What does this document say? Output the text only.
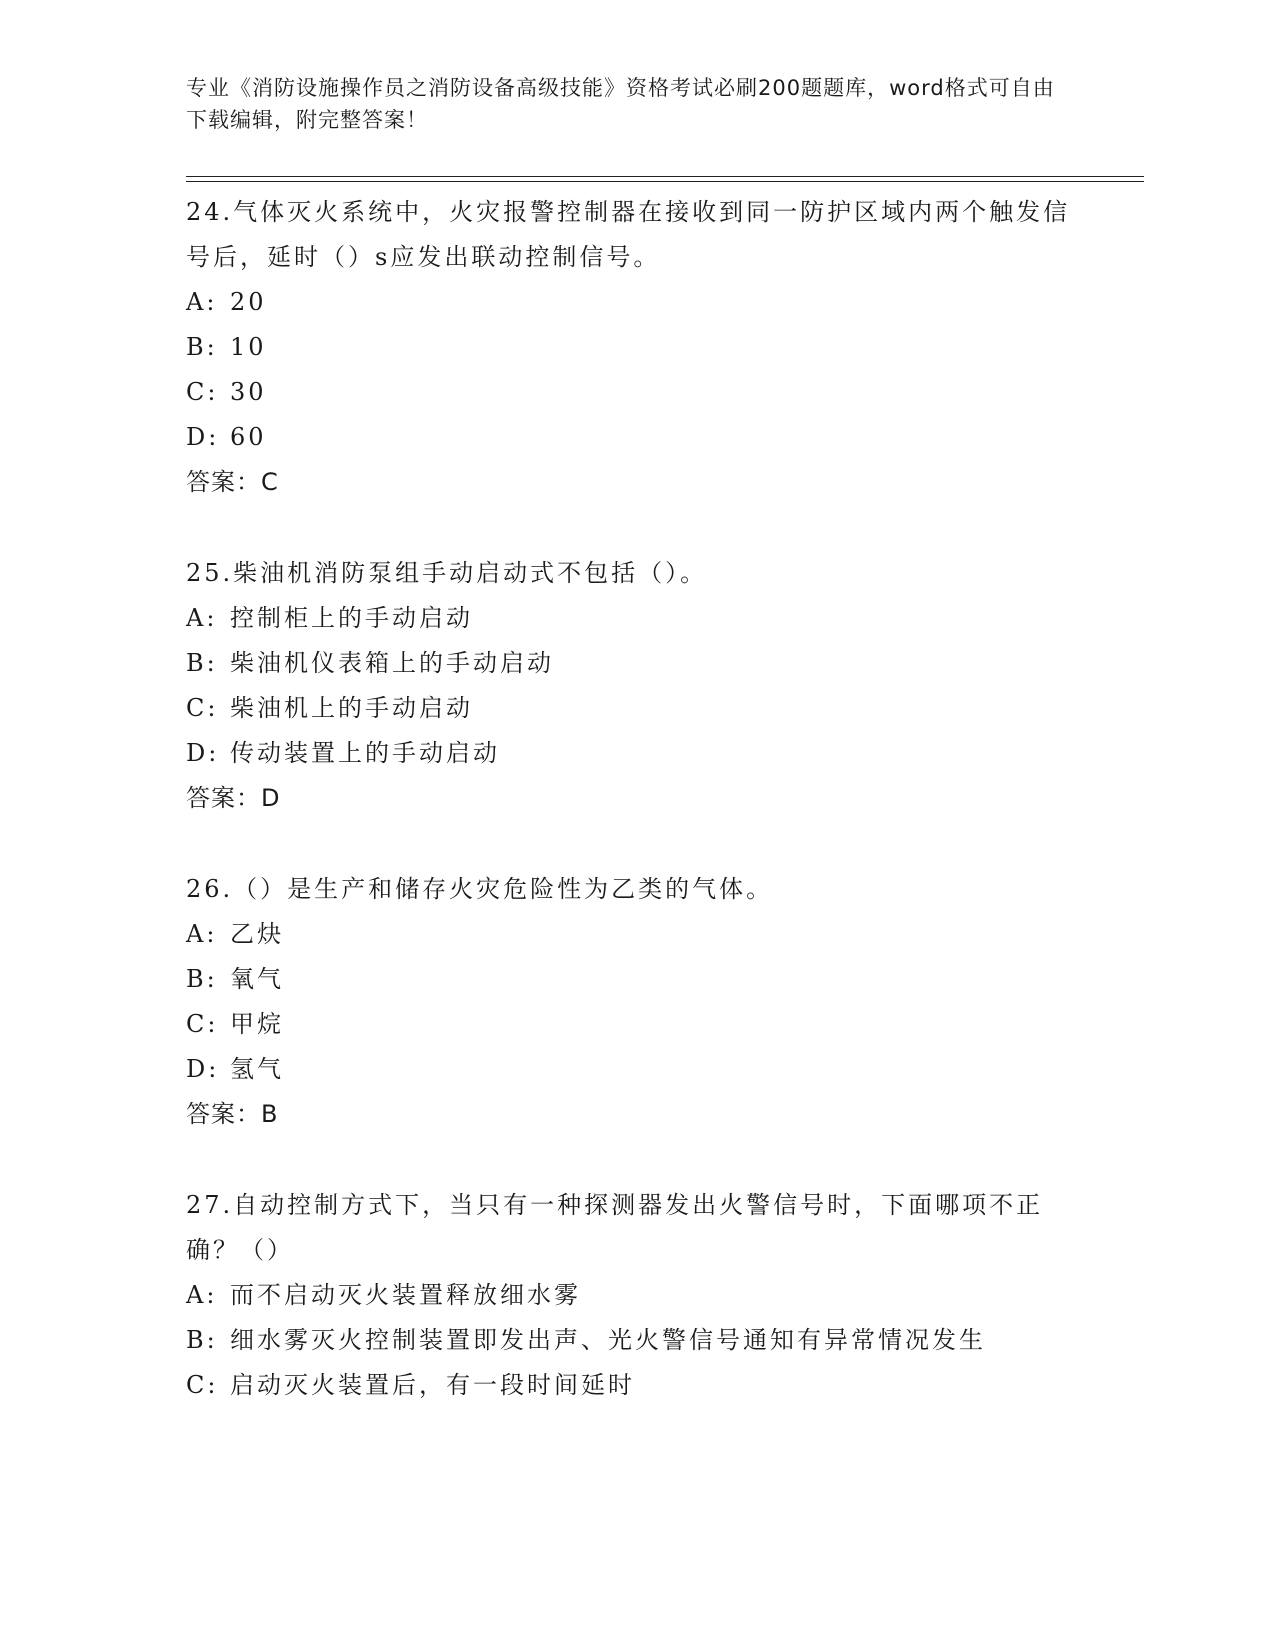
专业《消防设施操作员之消防设备高级技能》资格考试必刷200题题库，word格式可自由下载编辑，附完整答案！
24.气体灭火系统中，火灾报警控制器在接收到同一防护区域内两个触发信号后，延时（）s应发出联动控制信号。
A: 20
B: 10
C: 30
D: 60
答案：C
25.柴油机消防泵组手动启动式不包括（）。
A: 控制柜上的手动启动
B: 柴油机仪表箱上的手动启动
C: 柴油机上的手动启动
D: 传动装置上的手动启动
答案：D
26.（）是生产和储存火灾危险性为乙类的气体。
A: 乙炔
B: 氧气
C: 甲烷
D: 氢气
答案：B
27.自动控制方式下，当只有一种探测器发出火警信号时，下面哪项不正确？（）
A: 而不启动灭火装置释放细水雾
B: 细水雾灭火控制装置即发出声、光火警信号通知有异常情况发生
C: 启动灭火装置后，有一段时间延时
